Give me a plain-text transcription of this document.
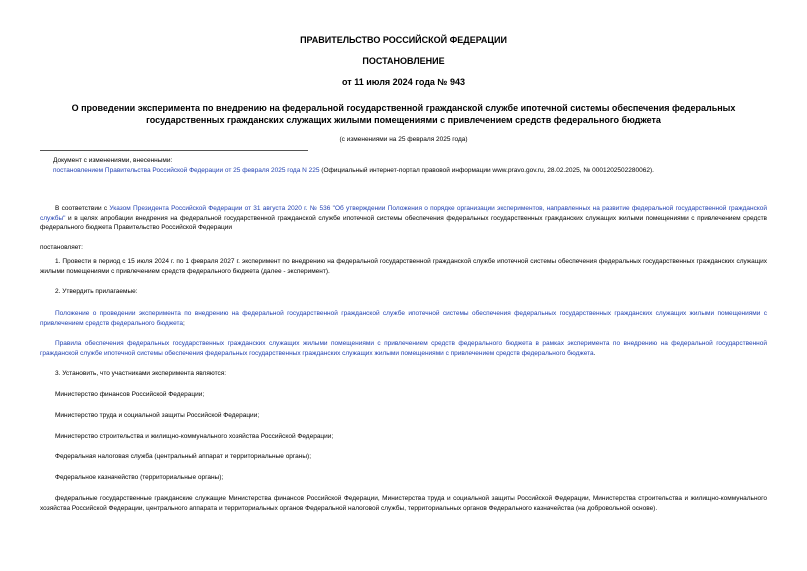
ПРАВИТЕЛЬСТВО РОССИЙСКОЙ ФЕДЕРАЦИИ
ПОСТАНОВЛЕНИЕ
от 11 июля 2024 года № 943
О проведении эксперимента по внедрению на федеральной государственной гражданской службе ипотечной системы обеспечения федеральных государственных гражданских служащих жилыми помещениями с привлечением средств федерального бюджета
(с изменениями на 25 февраля 2025 года)
Документ с изменениями, внесенными:
постановлением Правительства Российской Федерации от 25 февраля 2025 года N 225 (Официальный интернет-портал правовой информации www.pravo.gov.ru, 28.02.2025, № 0001202502280062).
В соответствии с Указом Президента Российской Федерации от 31 августа 2020 г. № 536 "Об утверждении Положения о порядке организации экспериментов, направленных на развитие федеральной государственной гражданской службы" и в целях апробации внедрения на федеральной государственной гражданской службе ипотечной системы обеспечения федеральных государственных гражданских служащих жилыми помещениями с привлечением средств федерального бюджета Правительство Российской Федерации
постановляет:
1. Провести в период с 15 июля 2024 г. по 1 февраля 2027 г. эксперимент по внедрению на федеральной государственной гражданской службе ипотечной системы обеспечения федеральных государственных гражданских служащих жилыми помещениями с привлечением средств федерального бюджета (далее - эксперимент).
2. Утвердить прилагаемые:
Положение о проведении эксперимента по внедрению на федеральной государственной гражданской службе ипотечной системы обеспечения федеральных государственных гражданских служащих жилыми помещениями с привлечением средств федерального бюджета;
Правила обеспечения федеральных государственных гражданских служащих жилыми помещениями с привлечением средств федерального бюджета в рамках эксперимента по внедрению на федеральной государственной гражданской службе ипотечной системы обеспечения федеральных государственных гражданских служащих жилыми помещениями с привлечением средств федерального бюджета.
3. Установить, что участниками эксперимента являются:
Министерство финансов Российской Федерации;
Министерство труда и социальной защиты Российской Федерации;
Министерство строительства и жилищно-коммунального хозяйства Российской Федерации;
Федеральная налоговая служба (центральный аппарат и территориальные органы);
Федеральное казначейство (территориальные органы);
федеральные государственные гражданские служащие Министерства финансов Российской Федерации, Министерства труда и социальной защиты Российской Федерации, Министерства строительства и жилищно-коммунального хозяйства Российской Федерации, центрального аппарата и территориальных органов Федеральной налоговой службы, территориальных органов Федерального казначейства (на добровольной основе).
